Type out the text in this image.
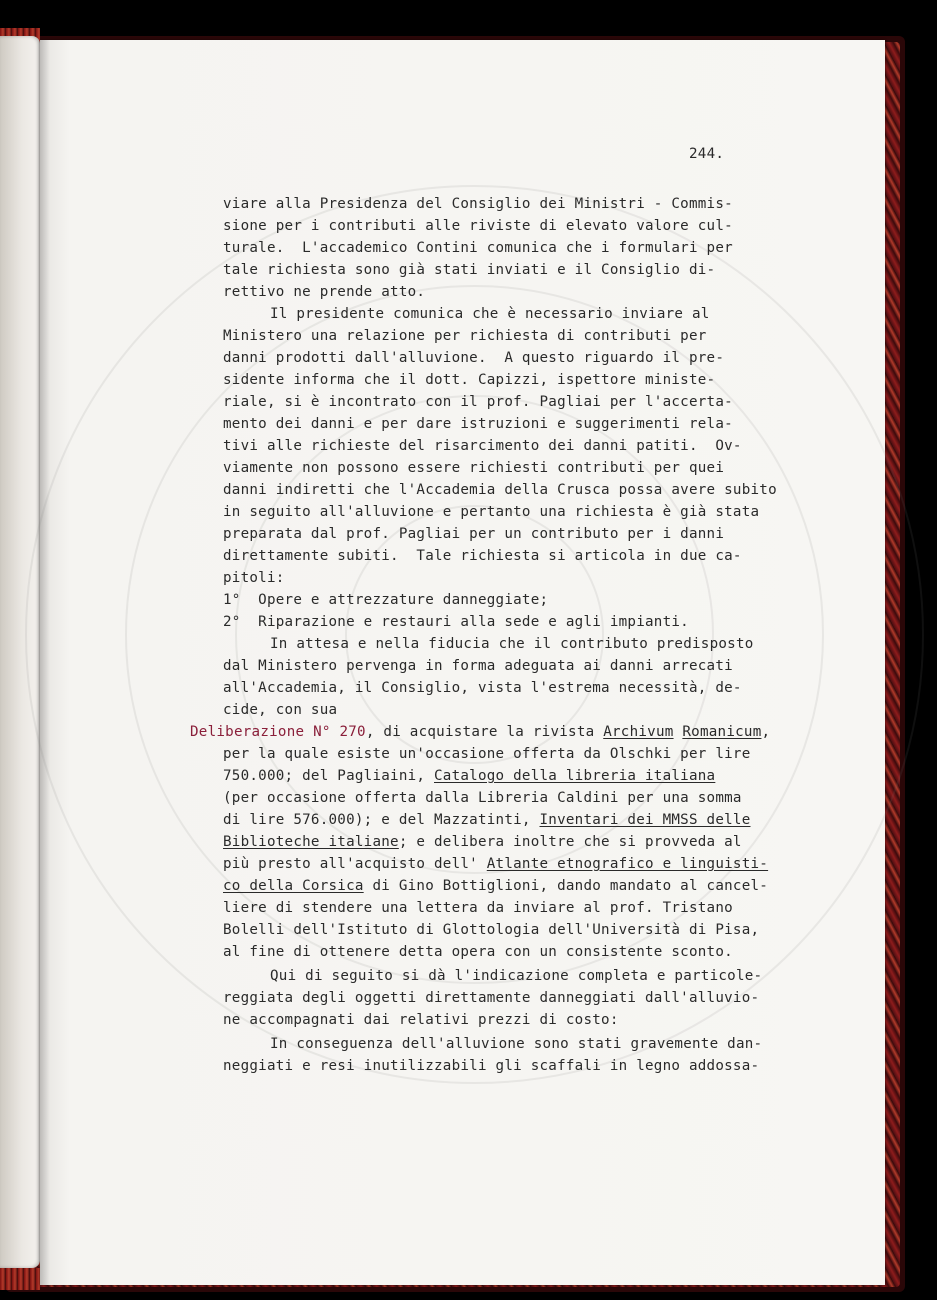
244.
viare alla Presidenza del Consiglio dei Ministri - Commis-
sione per i contributi alle riviste di elevato valore cul-
turale.  L'accademico Contini comunica che i formulari per
tale richiesta sono già stati inviati e il Consiglio di-
rettivo ne prende atto.
Il presidente comunica che è necessario inviare al
Ministero una relazione per richiesta di contributi per
danni prodotti dall'alluvione.  A questo riguardo il pre-
sidente informa che il dott. Capizzi, ispettore ministe-
riale, si è incontrato con il prof. Pagliai per l'accerta-
mento dei danni e per dare istruzioni e suggerimenti rela-
tivi alle richieste del risarcimento dei danni patiti.  Ov-
viamente non possono essere richiesti contributi per quei
danni indiretti che l'Accademia della Crusca possa avere subito
in seguito all'alluvione e pertanto una richiesta è già stata
preparata dal prof. Pagliai per un contributo per i danni
direttamente subiti.  Tale richiesta si articola in due ca-
pitoli:
1°  Opere e attrezzature danneggiate;
2°  Riparazione e restauri alla sede e agli impianti.
In attesa e nella fiducia che il contributo predisposto
dal Ministero pervenga in forma adeguata ai danni arrecati
all'Accademia, il Consiglio, vista l'estrema necessità, de-
cide, con sua
Deliberazione N° 270, di acquistare la rivista Archivum Romanicum,
per la quale esiste un'occasione offerta da Olschki per lire
750.000; del Pagliaini, Catalogo della libreria italiana
(per occasione offerta dalla Libreria Caldini per una somma
di lire 576.000); e del Mazzatinti, Inventari dei MMSS delle
Biblioteche italiane; e delibera inoltre che si provveda al
più presto all'acquisto dell' Atlante etnografico e linguisti-
co della Corsica di Gino Bottiglioni, dando mandato al cancel-
liere di stendere una lettera da inviare al prof. Tristano
Bolelli dell'Istituto di Glottologia dell'Università di Pisa,
al fine di ottenere detta opera con un consistente sconto.
Qui di seguito si dà l'indicazione completa e particole-
reggiata degli oggetti direttamente danneggiati dall'alluvio-
ne accompagnati dai relativi prezzi di costo:
In conseguenza dell'alluvione sono stati gravemente dan-
neggiati e resi inutilizzabili gli scaffali in legno addossa-
